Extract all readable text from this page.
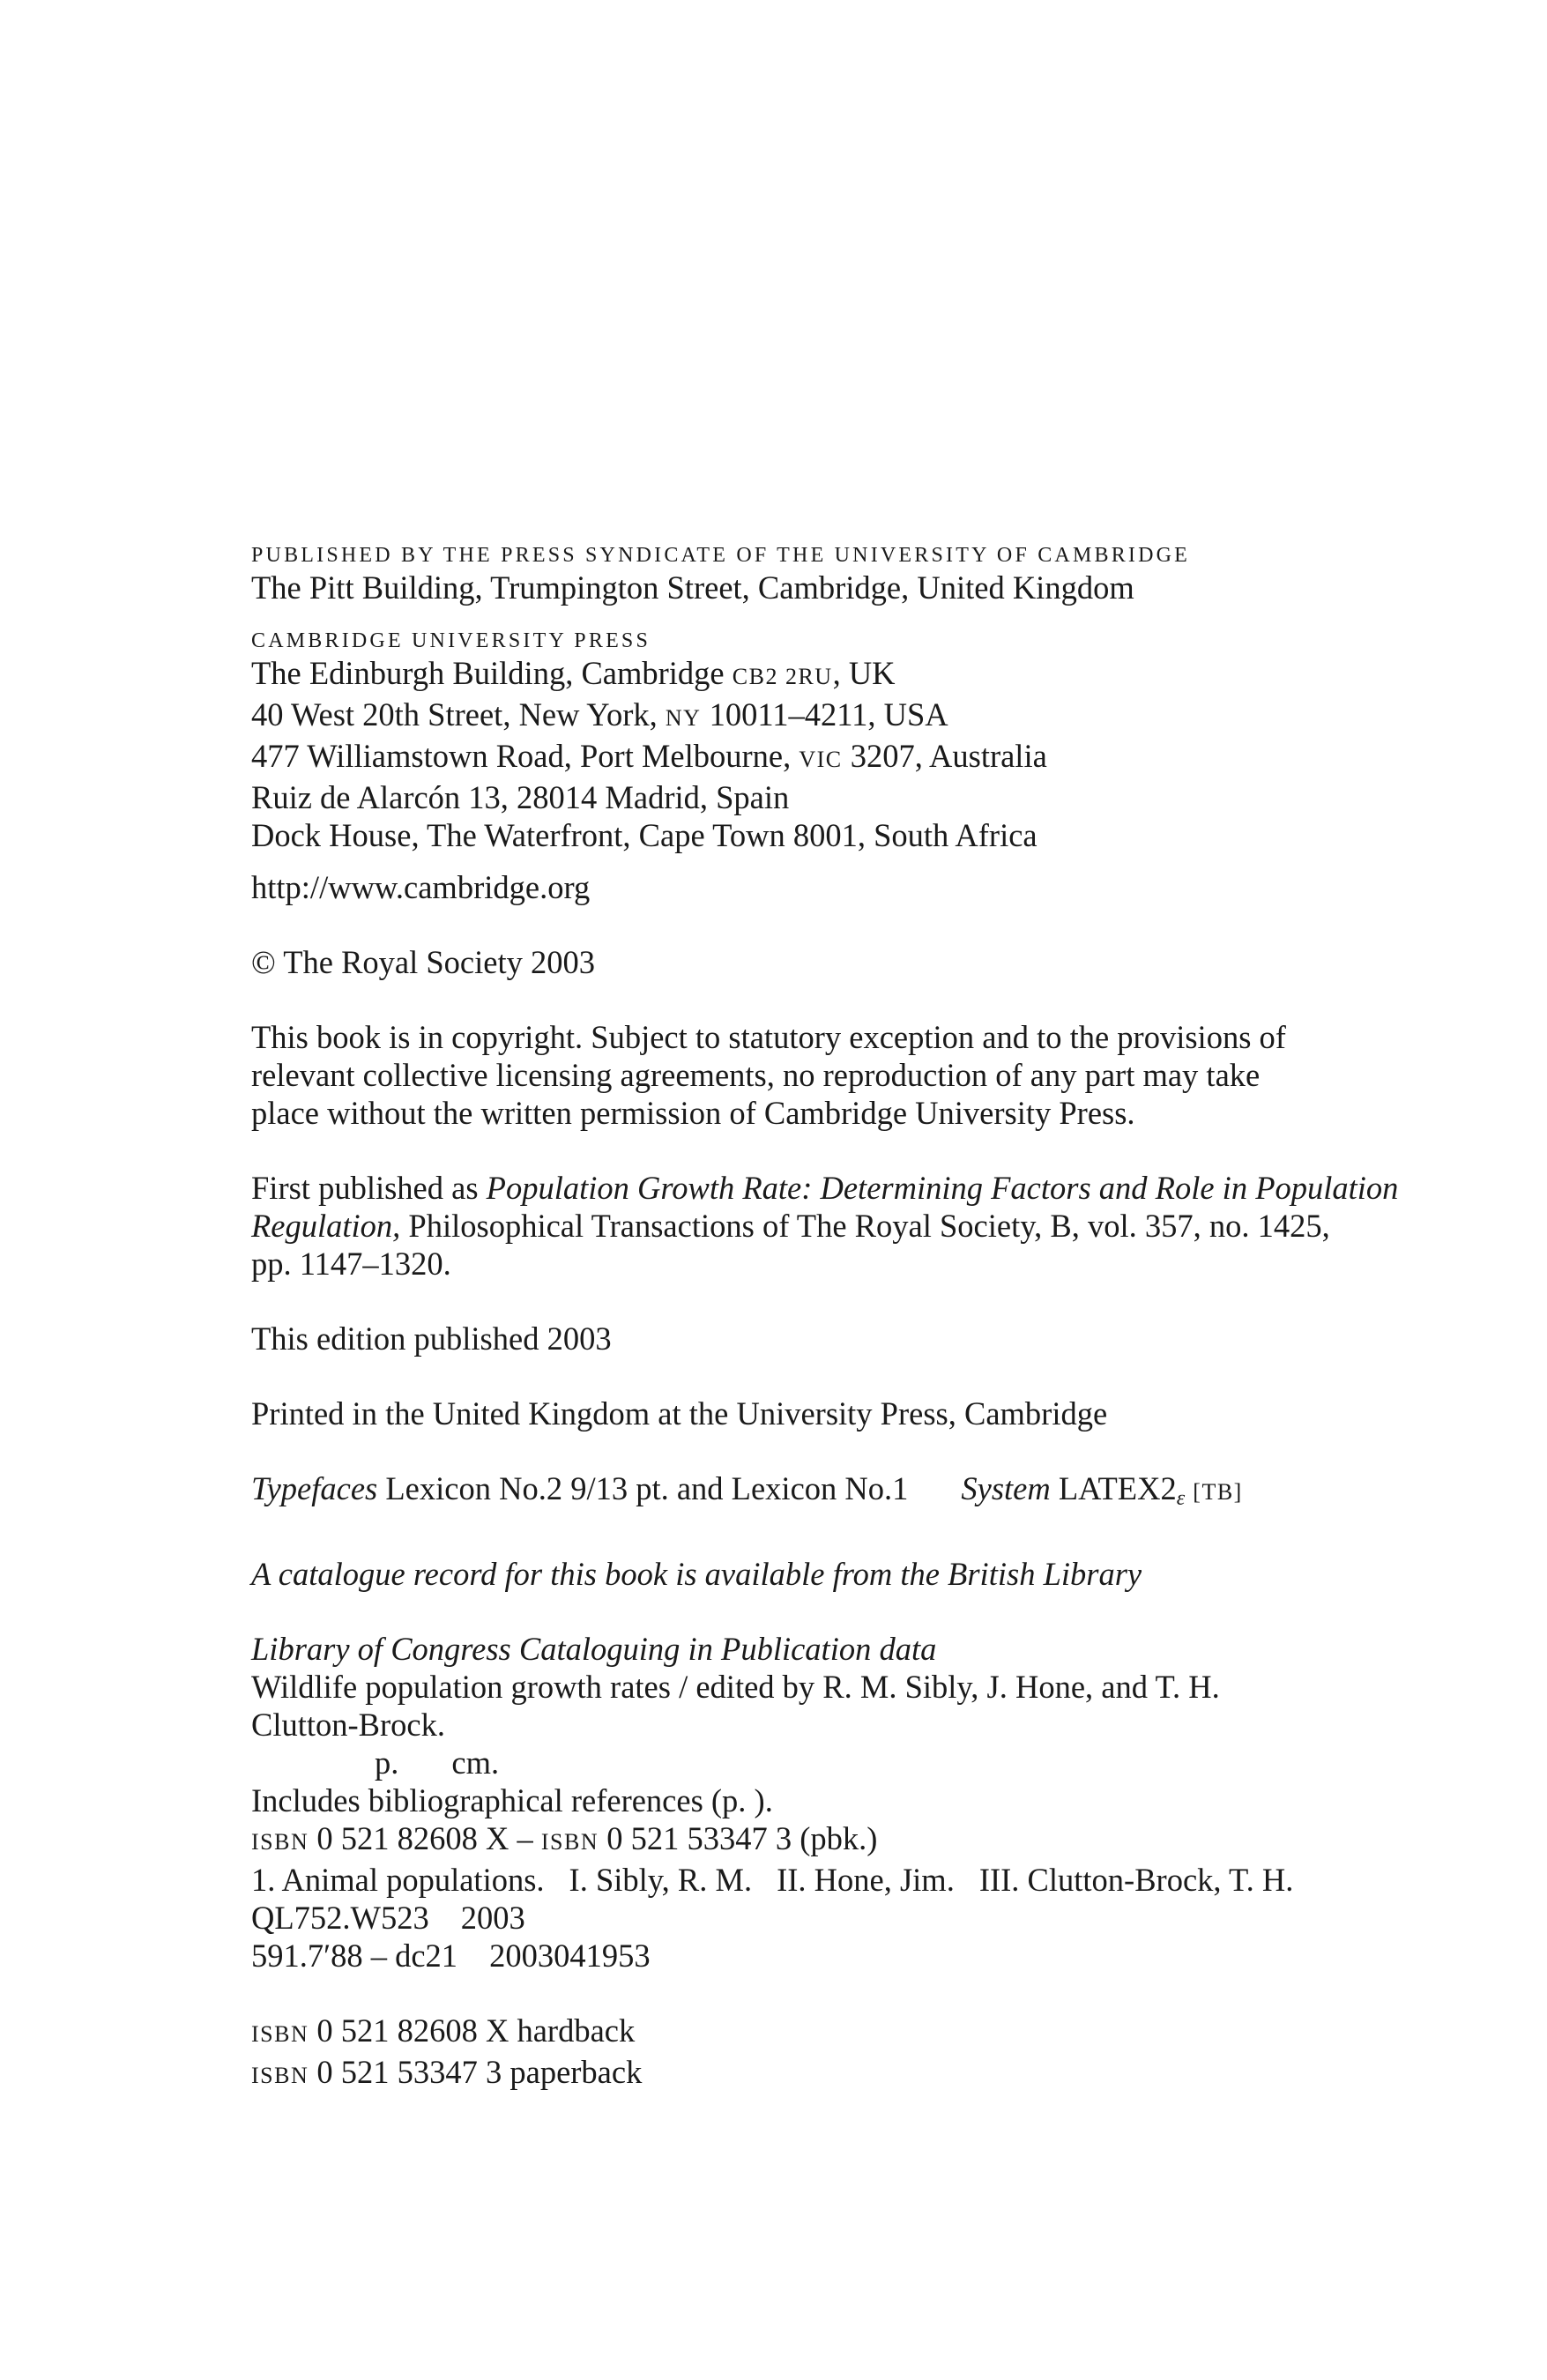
PUBLISHED BY THE PRESS SYNDICATE OF THE UNIVERSITY OF CAMBRIDGE
The Pitt Building, Trumpington Street, Cambridge, United Kingdom
CAMBRIDGE UNIVERSITY PRESS
The Edinburgh Building, Cambridge CB2 2RU, UK
40 West 20th Street, New York, NY 10011–4211, USA
477 Williamstown Road, Port Melbourne, VIC 3207, Australia
Ruiz de Alarcón 13, 28014 Madrid, Spain
Dock House, The Waterfront, Cape Town 8001, South Africa
http://www.cambridge.org
© The Royal Society 2003
This book is in copyright. Subject to statutory exception and to the provisions of
relevant collective licensing agreements, no reproduction of any part may take
place without the written permission of Cambridge University Press.
First published as Population Growth Rate: Determining Factors and Role in Population
Regulation, Philosophical Transactions of The Royal Society, B, vol. 357, no. 1425,
pp. 1147–1320.
This edition published 2003
Printed in the United Kingdom at the University Press, Cambridge
Typefaces Lexicon No.2 9/13 pt. and Lexicon No.1 System LATEX2ε [TB]
A catalogue record for this book is available from the British Library
Library of Congress Cataloguing in Publication data
Wildlife population growth rates / edited by R. M. Sibly, J. Hone, and T. H.
Clutton-Brock.
p. cm.
Includes bibliographical references (p. ).
ISBN 0 521 82608 X – ISBN 0 521 53347 3 (pbk.)
1. Animal populations. I. Sibly, R. M. II. Hone, Jim. III. Clutton-Brock, T. H.
QL752.W523 2003
591.7′88 – dc21 2003041953
ISBN 0 521 82608 X hardback
ISBN 0 521 53347 3 paperback
